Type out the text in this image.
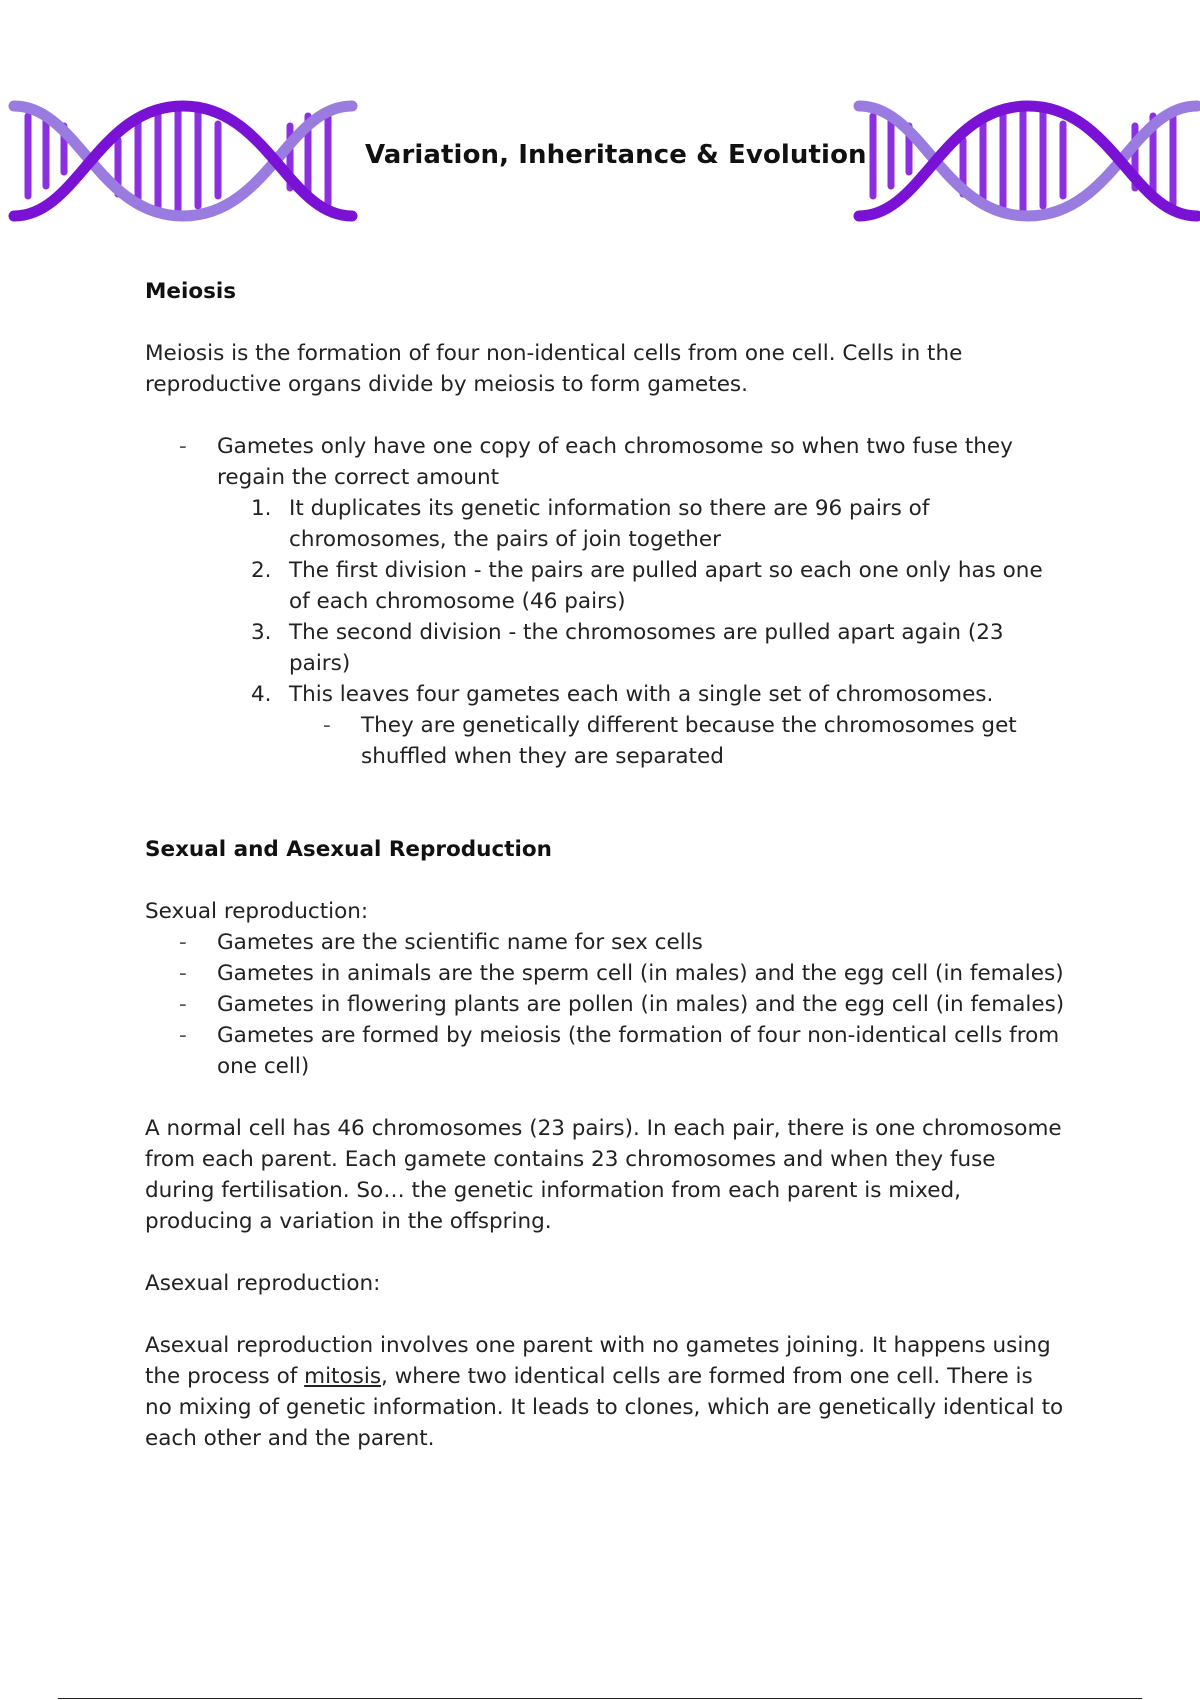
Variation, Inheritance & Evolution
Meiosis

Meiosis is the formation of four non-identical cells from one cell. Cells in the reproductive organs divide by meiosis to form gametes.

- Gametes only have one copy of each chromosome so when two fuse they regain the correct amount
1. It duplicates its genetic information so there are 96 pairs of chromosomes, the pairs of join together
2. The first division - the pairs are pulled apart so each one only has one of each chromosome (46 pairs)
3. The second division - the chromosomes are pulled apart again (23 pairs)
4. This leaves four gametes each with a single set of chromosomes.
- They are genetically different because the chromosomes get shuffled when they are separated
Sexual and Asexual Reproduction

Sexual reproduction:

- Gametes are the scientific name for sex cells
- Gametes in animals are the sperm cell (in males) and the egg cell (in females)
- Gametes in flowering plants are pollen (in males) and the egg cell (in females)
- Gametes are formed by meiosis (the formation of four non-identical cells from one cell)

A normal cell has 46 chromosomes (23 pairs). In each pair, there is one chromosome from each parent. Each gamete contains 23 chromosomes and when they fuse during fertilisation. So… the genetic information from each parent is mixed, producing a variation in the offspring.

Asexual reproduction:

Asexual reproduction involves one parent with no gametes joining. It happens using the process of mitosis, where two identical cells are formed from one cell. There is no mixing of genetic information. It leads to clones, which are genetically identical to each other and the parent.
